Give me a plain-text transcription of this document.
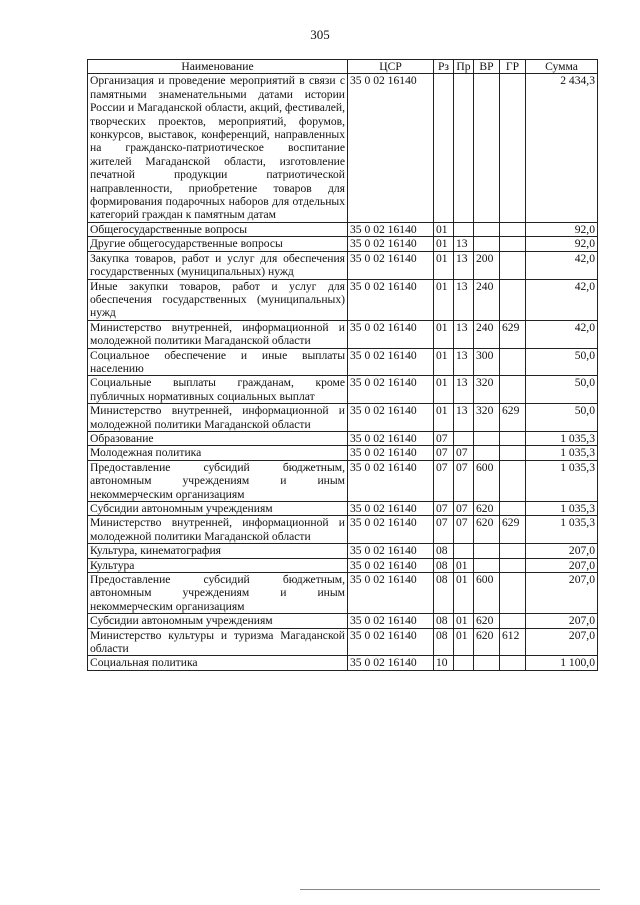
305
Наименование	ЦСР	Рз	Пр	ВР	ГР	Сумма
Организация и проведение мероприятий в связи с памятными знаменательными датами истории России и Магаданской области, акций, фестивалей, творческих проектов, мероприятий, форумов, конкурсов, выставок, конференций, направленных на гражданско-патриотическое воспитание жителей Магаданской области, изготовление печатной продукции патриотической направленности, приобретение товаров для формирования подарочных наборов для отдельных категорий граждан к памятным датам	35 0 02 16140					2 434,3
Общегосударственные вопросы	35 0 02 16140	01				92,0
Другие общегосударственные вопросы	35 0 02 16140	01	13			92,0
Закупка товаров, работ и услуг для обеспечения государственных (муниципальных) нужд	35 0 02 16140	01	13	200		42,0
Иные закупки товаров, работ и услуг для обеспечения государственных (муниципальных) нужд	35 0 02 16140	01	13	240		42,0
Министерство внутренней, информационной и молодежной политики Магаданской области	35 0 02 16140	01	13	240	629	42,0
Социальное обеспечение и иные выплаты населению	35 0 02 16140	01	13	300		50,0
Социальные выплаты гражданам, кроме публичных нормативных социальных выплат	35 0 02 16140	01	13	320		50,0
Министерство внутренней, информационной и молодежной политики Магаданской области	35 0 02 16140	01	13	320	629	50,0
Образование	35 0 02 16140	07				1 035,3
Молодежная политика	35 0 02 16140	07	07			1 035,3
Предоставление субсидий бюджетным, автономным учреждениям и иным некоммерческим организациям	35 0 02 16140	07	07	600		1 035,3
Субсидии автономным учреждениям	35 0 02 16140	07	07	620		1 035,3
Министерство внутренней, информационной и молодежной политики Магаданской области	35 0 02 16140	07	07	620	629	1 035,3
Культура, кинематография	35 0 02 16140	08				207,0
Культура	35 0 02 16140	08	01			207,0
Предоставление субсидий бюджетным, автономным учреждениям и иным некоммерческим организациям	35 0 02 16140	08	01	600		207,0
Субсидии автономным учреждениям	35 0 02 16140	08	01	620		207,0
Министерство культуры и туризма Магаданской области	35 0 02 16140	08	01	620	612	207,0
Социальная политика	35 0 02 16140	10				1 100,0
